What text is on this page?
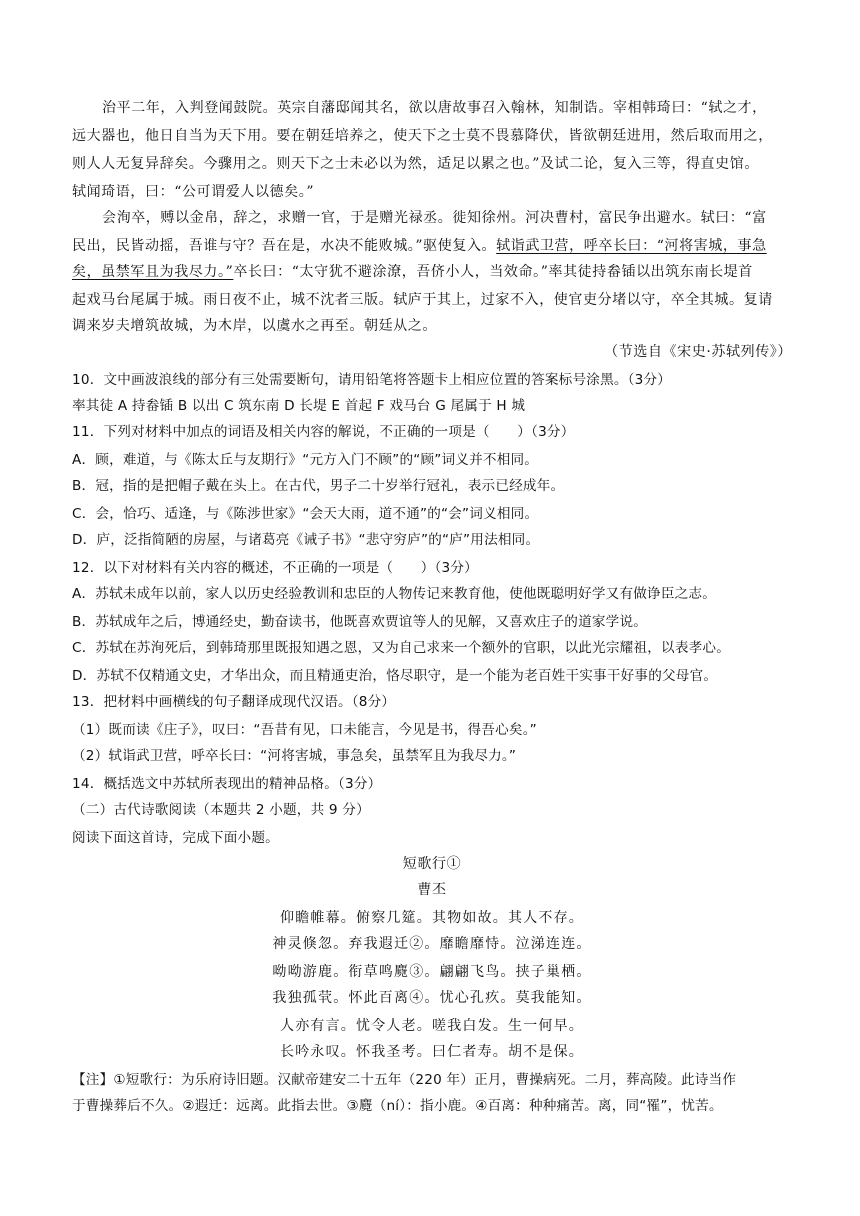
治平二年，入判登闻鼓院。英宗自藩邸闻其名，欲以唐故事召入翰林，知制诰。宰相韩琦曰：“轼之才，
远大器也，他日自当为天下用。要在朝廷培养之，使天下之士莫不畏慕降伏，皆欲朝廷进用，然后取而用之，
则人人无复异辞矣。今骤用之。则天下之士未必以为然，适足以累之也。”及试二论，复入三等，得直史馆。
轼闻琦语，曰：“公可谓爱人以德矣。”
会洵卒，赙以金帛，辞之，求赠一官，于是赠光禄丞。徙知徐州。河决曹村，富民争出避水。轼曰：“富
民出，民皆动摇，吾谁与守？吾在是，水决不能败城。”驱使复入。轼诣武卫营，呼卒长曰：“河将害城，事急
矣，虽禁军且为我尽力。”卒长曰：“太守犹不避涂潦，吾侪小人，当效命。”率其徒持畚锸以出筑东南长堤首
起戏马台尾属于城。雨日夜不止，城不沈者三版。轼庐于其上，过家不入，使官吏分堵以守，卒全其城。复请
调来岁夫增筑故城，为木岸，以虞水之再至。朝廷从之。
（节选自《宋史·苏轼列传》）
10．文中画波浪线的部分有三处需要断句，请用铅笔将答题卡上相应位置的答案标号涂黑。（3分）
率其徒 A 持畚锸 B 以出 C 筑东南 D 长堤 E 首起 F 戏马台 G 尾属于 H 城
11．下列对材料中加点的词语及相关内容的解说，不正确的一项是（　　）（3分）
A．顾，难道，与《陈太丘与友期行》“元方入门不顾”的“顾”词义并不相同。
B．冠，指的是把帽子戴在头上。在古代，男子二十岁举行冠礼，表示已经成年。
C．会，恰巧、适逢，与《陈涉世家》“会天大雨，道不通”的“会”词义相同。
D．庐，泛指简陋的房屋，与诸葛亮《诫子书》“悲守穷庐”的“庐”用法相同。
12．以下对材料有关内容的概述，不正确的一项是（　　）（3分）
A．苏轼未成年以前，家人以历史经验教训和忠臣的人物传记来教育他，使他既聪明好学又有做诤臣之志。
B．苏轼成年之后，博通经史，勤奋读书，他既喜欢贾谊等人的见解，又喜欢庄子的道家学说。
C．苏轼在苏洵死后，到韩琦那里既报知遇之恩，又为自己求来一个额外的官职，以此光宗耀祖，以表孝心。
D．苏轼不仅精通文史，才华出众，而且精通吏治，恪尽职守，是一个能为老百姓干实事干好事的父母官。
13．把材料中画横线的句子翻译成现代汉语。（8分）
（1）既而读《庄子》，叹曰：“吾昔有见，口未能言，今见是书，得吾心矣。”
（2）轼诣武卫营，呼卒长曰：“河将害城，事急矣，虽禁军且为我尽力。”
14．概括选文中苏轼所表现出的精神品格。（3分）
（二）古代诗歌阅读（本题共 2 小题，共 9 分）
阅读下面这首诗，完成下面小题。
短歌行①
曹丕
仰瞻帷幕。俯察几筵。其物如故。其人不存。
神灵倏忽。弃我遐迁②。靡瞻靡恃。泣涕连连。
呦呦游鹿。衔草鸣麑③。翩翩飞鸟。挟子巢栖。
我独孤茕。怀此百离④。忧心孔疚。莫我能知。
人亦有言。忧令人老。嗟我白发。生一何早。
长吟永叹。怀我圣考。曰仁者寿。胡不是保。
【注】①短歌行：为乐府诗旧题。汉献帝建安二十五年（220 年）正月，曹操病死。二月，葬高陵。此诗当作
于曹操葬后不久。②遐迁：远离。此指去世。③麑（ní）：指小鹿。④百离：种种痛苦。离，同“罹”，忧苦。
